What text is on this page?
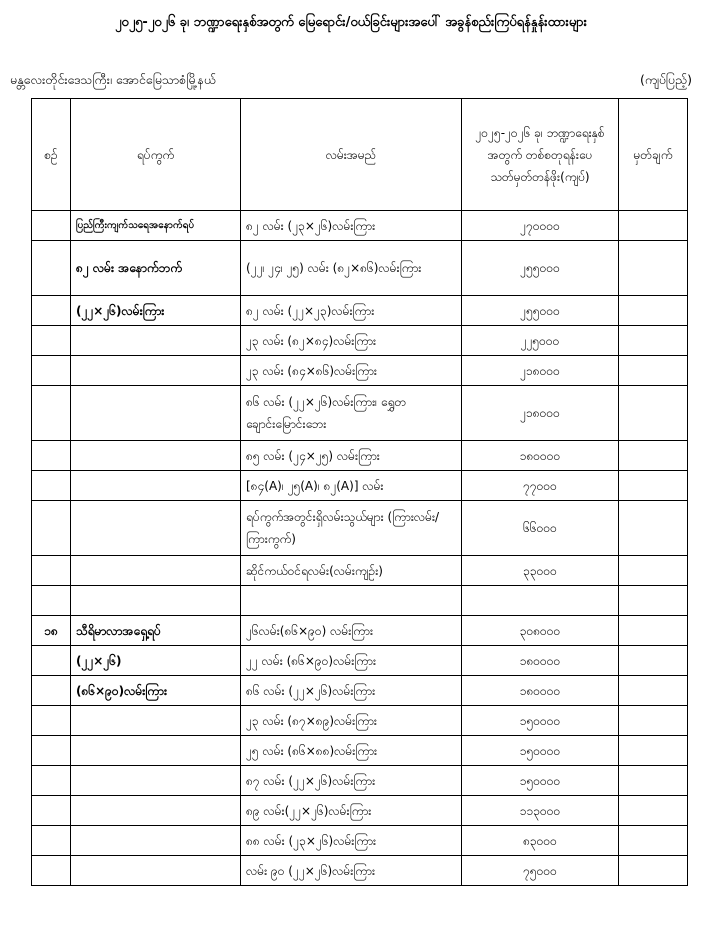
၂၀၂၅-၂၀၂၆ ခု၊ ဘဏ္ဍာရေးနှစ်အတွက် မြေရောင်း/ဝယ်ခြင်းများအပေါ် အခွန်စည်းကြပ်ရန်နှုန်းထားများ
မန္တလေးတိုင်းဒေသကြီး၊ အောင်မြေသာစံမြို့နယ်	(ကျပ်ပြည့်)
စဉ်	ရပ်ကွက်	လမ်းအမည်	၂၀၂၅-၂၀၂၆ ခု၊ ဘဏ္ဍာရေးနှစ်အတွက် တစ်စတုရန်းပေ သတ်မှတ်တန်ဖိုး(ကျပ်)	မှတ်ချက်
	ပြည်ကြီးကျက်သရေအနောက်ရပ်	၈၂ လမ်း (၂၃×၂၆)လမ်းကြား	၂၇၀၀၀၀	
	၈၂ လမ်း အနောက်ဘက်	(၂၂၊ ၂၄၊ ၂၅) လမ်း (၈၂×၈၆)လမ်းကြား	၂၅၅၀၀၀	
	(၂၂×၂၆)လမ်းကြား	၈၂ လမ်း (၂၂×၂၃)လမ်းကြား	၂၅၅၀၀၀	
		၂၃ လမ်း (၈၂×၈၄)လမ်းကြား	၂၂၅၀၀၀	
		၂၃ လမ်း (၈၄×၈၆)လမ်းကြား	၂၁၈၀၀၀	
		၈၆ လမ်း (၂၂×၂၆)လမ်းကြား၊ ရွှေတချောင်းမြောင်းဘေး	၂၁၈၀၀၀	
		၈၅ လမ်း (၂၄×၂၅) လမ်းကြား	၁၈၀၀၀၀	
		[၈၄(A)၊ ၂၅(A)၊ ၈၂(A)] လမ်း	၇၇၀၀၀	
		ရပ်ကွက်အတွင်းရှိလမ်းသွယ်များ (ကြားလမ်း/ကြားကွက်)	၆၆၀၀၀	
		ဆိုင်ကယ်ဝင်ရလမ်း(လမ်းကျဉ်း)	၃၃၀၀၀	

၁၈	သီရိမာလာအရှေ့ရပ်	၂၆လမ်း(၈၆×၉၀) လမ်းကြား	၃၀၈၀၀၀	
	(၂၂×၂၆)	၂၂ လမ်း (၈၆×၉၀)လမ်းကြား	၁၈၀၀၀၀	
	(၈၆×၉၀)လမ်းကြား	၈၆ လမ်း (၂၂×၂၆)လမ်းကြား	၁၈၀၀၀၀	
		၂၃ လမ်း (၈၇×၈၉)လမ်းကြား	၁၅၀၀၀၀	
		၂၅ လမ်း (၈၆×၈၈)လမ်းကြား	၁၅၀၀၀၀	
		၈၇ လမ်း (၂၂×၂၆)လမ်းကြား	၁၅၀၀၀၀	
		၈၉ လမ်း(၂၂×၂၆)လမ်းကြား	၁၁၃၀၀၀	
		၈၈ လမ်း (၂၃×၂၆)လမ်းကြား	၈၃၀၀၀	
		လမ်း ၉၀ (၂၂×၂၆)လမ်းကြား	၇၅၀၀၀	
